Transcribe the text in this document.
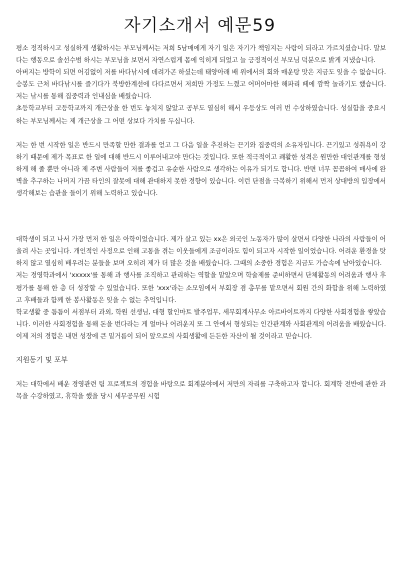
자기소개서 예문59

평소 정직하시고 성실하게 생활하시는 부모님께서는 저희 5남매에게 자기 일은 자기가 책임지는 사람이 되라고 가르치셨습니다. 말보다는 행동으로 솔선수범 하시는 부모님을 보면서 자연스럽게 몸에 익히게 되었고 늘 긍정적이신 부모님 덕분으로 밝게 지냈습니다.

아버지는 방학이 되면 어김없이 저를 바다낚시에 데려가곤 하셨는데 태양아래 배 위에서의 회와 매운탕 맛은 지금도 잊을 수 없습니다. 승봉도 근처 바다낚시를 즐기다가 북방한계선에 다다르면서 저희만 가정도 느꼈고 어머어마한 해파리 떼에 깜짝 놀라기도 했습니다. 저는 낚시를 통해 집중력과 인내심을 배웠습니다.

초등학교부터 고등학교까지 개근상을 한 번도 놓치지 않았고 공부도 열심히 해서 우등상도 여러 번 수상하였습니다. 성실함을 중요시하는 부모님께서는 제 개근상을 그 어떤 상보다 가치를 두십니다.

저는 한 번 시작한 일은 반드시 만족할 만한 결과를 얻고 그 다음 일을 추진하는 끈기와 집중력의 소유자입니다. 끈기있고 성취욕이 강하기 때문에 제가 목표로 한 일에 대해 반드시 이루어내고야 만다는 것입니다. 또한 적극적이고 쾌활한 성격은 원만한 대인관계를 형성하게 해 줄 뿐만 아니라 제 주변 사람들이 저를 좋겁고 유순한 사람으로 생각하는 이유가 되기도 합니다. 반면 너무 꼼꼼하여 매사에 완벽을 추구하는 나머지 가끔 타인의 잘못에 대해 관대하지 못한 경향이 있습니다. 이런 단점을 극복하기 위해서 먼저 상대방의 입장에서 생각해보는 습관을 들이기 위해 노력하고 있습니다.

대학생이 되고 나서 가장 먼저 한 일은 아학이었습니다. 제가 살고 있는 xx은 외국인 노동자가 많이 살면서 다양한 나라의 사람들이 어울려 사는 곳입니다. 개인적인 사정으로 인해 고통을 겪는 이웃들에게 조금이라도 힘이 되고자 시작한 일이었습니다. 어려운 환경을 탓하지 않고 열심히 배우려는 분들을 보며 오히려 제가 더 많은 것을 배웠습니다. 그때의 소중한 경험은 지금도 가슴속에 남아있습니다.

저는 경영학과에서 'xxxxx'를 통해 과 행사를 조직하고 관리하는 역할을 맡았으며 학술제를 준비하면서 단체활동의 어려움과 행사 후 평가를 통해 한 층 더 성장할 수 있었습니다. 또한 'xxx'라는 소모임에서 부회장 겸 총무를 맡으면서 회원 간의 화합을 위해 노력하였고 후배들과 함께 한 봉사활동은 잊을 수 없는 추억입니다.

학교생활 중 틈틈이 서점부터 과외, 학원 선생님, 대형 할인마트 발주업무, 세무회계사무소 아르바이트까지 다양한 사회경험을 쌓았습니다. 이러한 사회경험을 통해 돈을 번다라는 게 얼마나 어려운지 또 그 안에서 형성되는 인간관계와 사회관계의 어려움을 배웠습니다. 이제 저의 경험은 내면 성장에 큰 밑거름이 되어 앞으로의 사회생활에 든든한 자산이 될 것이라고 믿습니다.

지원동기 및 포부

저는 대학에서 배운 경영관련 팀 프로젝트의 경험을 바탕으로 회계분야에서 저만의 자리를 구축하고자 합니다. 회계학 전반에 관한 과목을 수강하였고, 휴학을 했을 당시 세무공무원 시험
